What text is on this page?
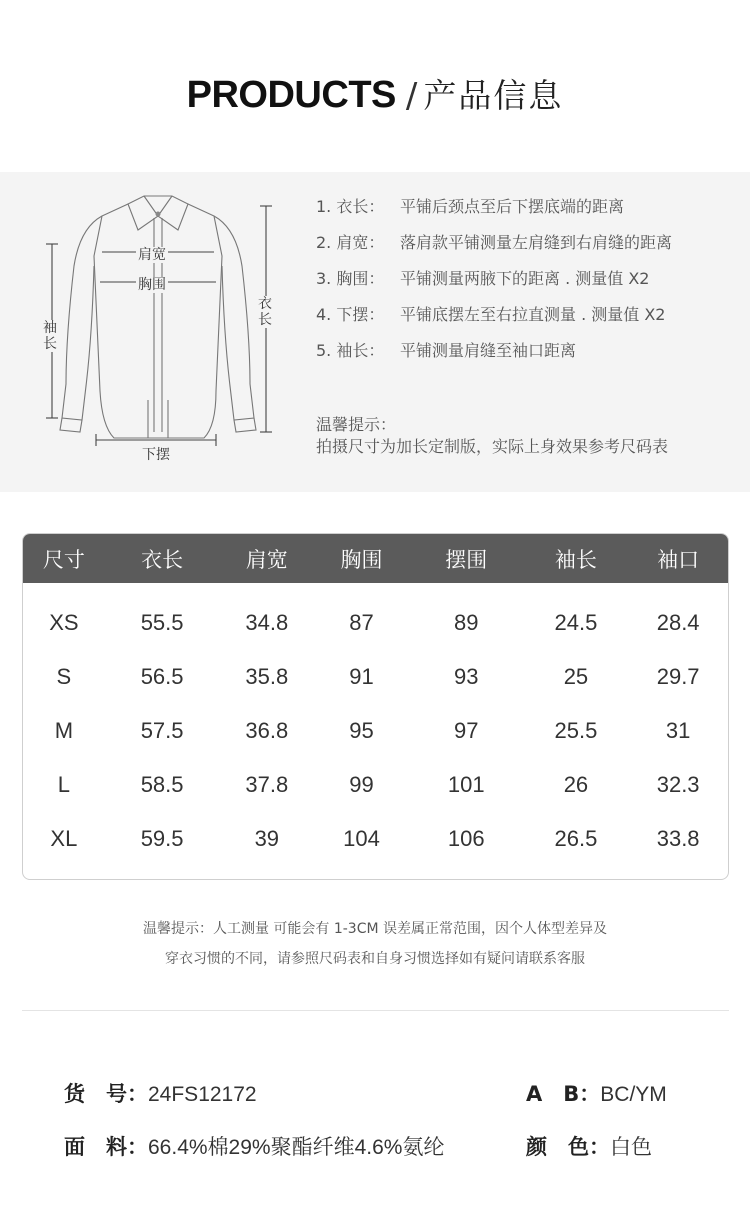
PRODUCTS / 产品信息
肩宽
胸围
衣长
袖长
下摆
1. 衣长： 平铺后颈点至后下摆底端的距离
2. 肩宽： 落肩款平铺测量左肩缝到右肩缝的距离
3. 胸围： 平铺测量两腋下的距离 . 测量值 X2
4. 下摆： 平铺底摆左至右拉直测量 . 测量值 X2
5. 袖长： 平铺测量肩缝至袖口距离
温馨提示：
拍摄尺寸为加长定制版，实际上身效果参考尺码表
尺寸	衣长	肩宽	胸围	摆围	袖长	袖口
XS	55.5	34.8	87	89	24.5	28.4
S	56.5	35.8	91	93	25	29.7
M	57.5	36.8	95	97	25.5	31
L	58.5	37.8	99	101	26	32.3
XL	59.5	39	104	106	26.5	33.8
温馨提示：人工测量 可能会有 1-3CM 误差属正常范围，因个人体型差异及
穿衣习惯的不同，请参照尺码表和自身习惯选择如有疑问请联系客服
货　号：24FS12172	A　B：BC/YM
面　料：66.4%棉29%聚酯纤维4.6%氨纶	颜　色：白色
